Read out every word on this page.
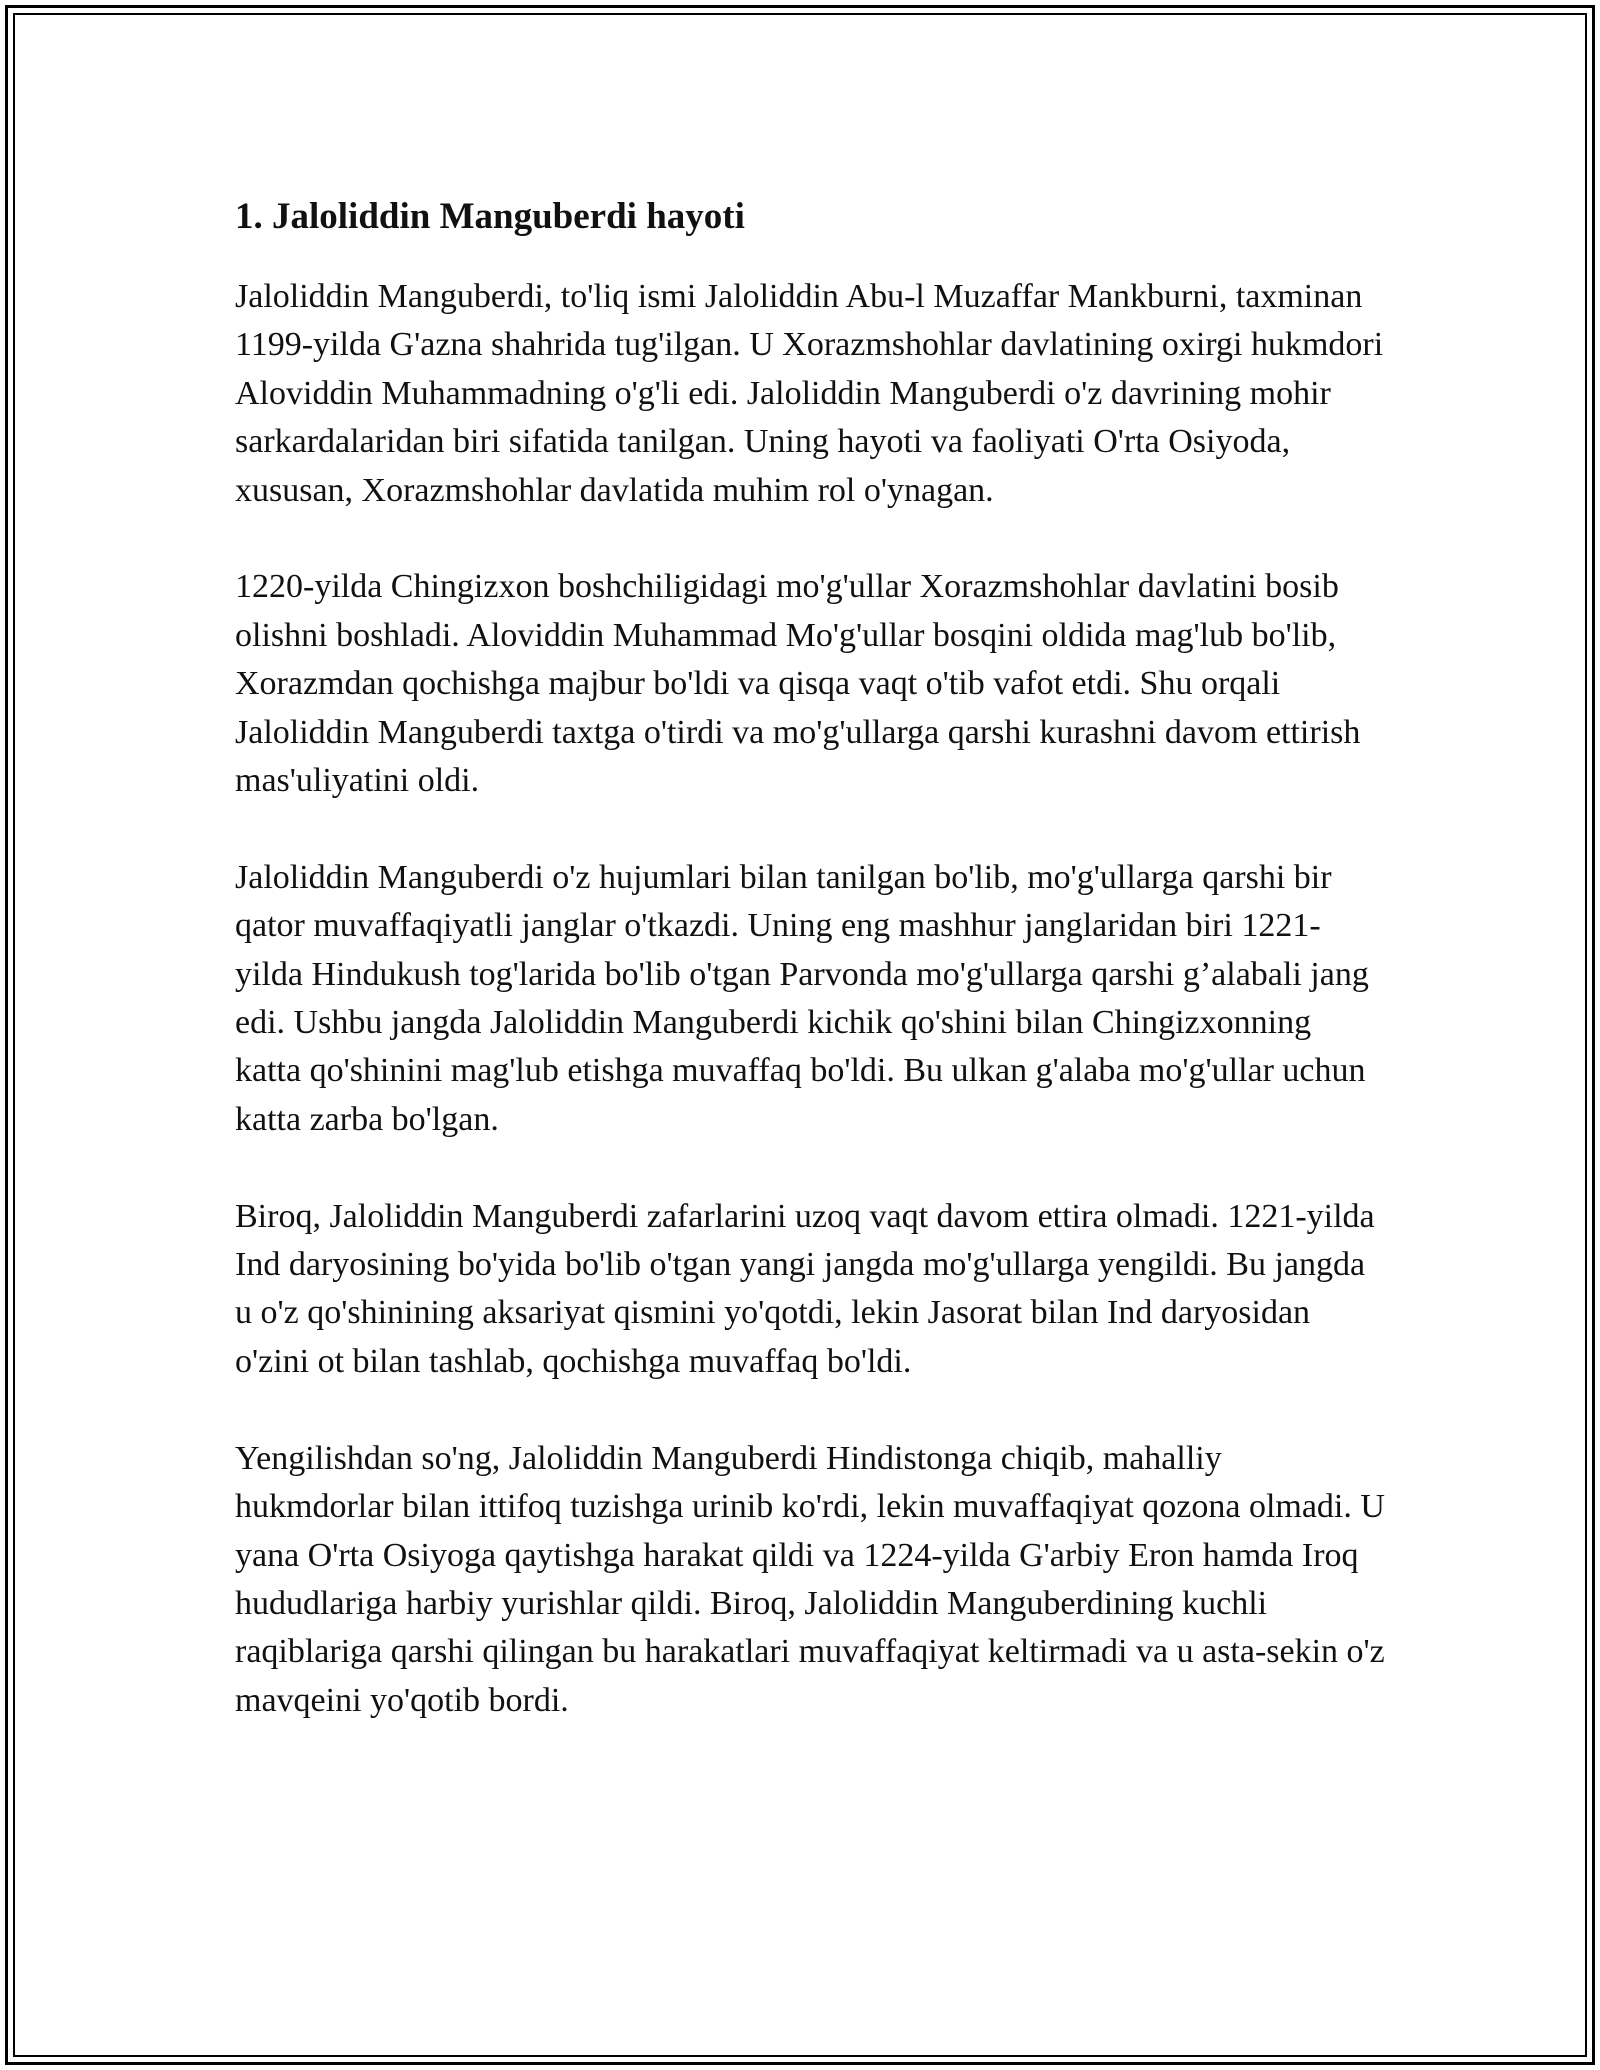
1. Jaloliddin Manguberdi hayoti

Jaloliddin Manguberdi, to'liq ismi Jaloliddin Abu-l Muzaffar Mankburni, taxminan 1199-yilda G'azna shahrida tug'ilgan. U Xorazmshohlar davlatining oxirgi hukmdori Aloviddin Muhammadning o'g'li edi. Jaloliddin Manguberdi o'z davrining mohir sarkardalaridan biri sifatida tanilgan. Uning hayoti va faoliyati O'rta Osiyoda, xususan, Xorazmshohlar davlatida muhim rol o'ynagan.

1220-yilda Chingizxon boshchiligidagi mo'g'ullar Xorazmshohlar davlatini bosib olishni boshladi. Aloviddin Muhammad Mo'g'ullar bosqini oldida mag'lub bo'lib, Xorazmdan qochishga majbur bo'ldi va qisqa vaqt o'tib vafot etdi. Shu orqali Jaloliddin Manguberdi taxtga o'tirdi va mo'g'ullarga qarshi kurashni davom ettirish mas'uliyatini oldi.

Jaloliddin Manguberdi o'z hujumlari bilan tanilgan bo'lib, mo'g'ullarga qarshi bir qator muvaffaqiyatli janglar o'tkazdi. Uning eng mashhur janglaridan biri 1221-yilda Hindukush tog'larida bo'lib o'tgan Parvonda mo'g'ullarga qarshi g’alabali jang edi. Ushbu jangda Jaloliddin Manguberdi kichik qo'shini bilan Chingizxonning katta qo'shinini mag'lub etishga muvaffaq bo'ldi. Bu ulkan g'alaba mo'g'ullar uchun katta zarba bo'lgan.

Biroq, Jaloliddin Manguberdi zafarlarini uzoq vaqt davom ettira olmadi. 1221-yilda Ind daryosining bo'yida bo'lib o'tgan yangi jangda mo'g'ullarga yengildi. Bu jangda u o'z qo'shinining aksariyat qismini yo'qotdi, lekin Jasorat bilan Ind daryosidan o'zini ot bilan tashlab, qochishga muvaffaq bo'ldi.

Yengilishdan so'ng, Jaloliddin Manguberdi Hindistonga chiqib, mahalliy hukmdorlar bilan ittifoq tuzishga urinib ko'rdi, lekin muvaffaqiyat qozona olmadi. U yana O'rta Osiyoga qaytishga harakat qildi va 1224-yilda G'arbiy Eron hamda Iroq hududlariga harbiy yurishlar qildi. Biroq, Jaloliddin Manguberdining kuchli raqiblariga qarshi qilingan bu harakatlari muvaffaqiyat keltirmadi va u asta-sekin o'z mavqeini yo'qotib bordi.
